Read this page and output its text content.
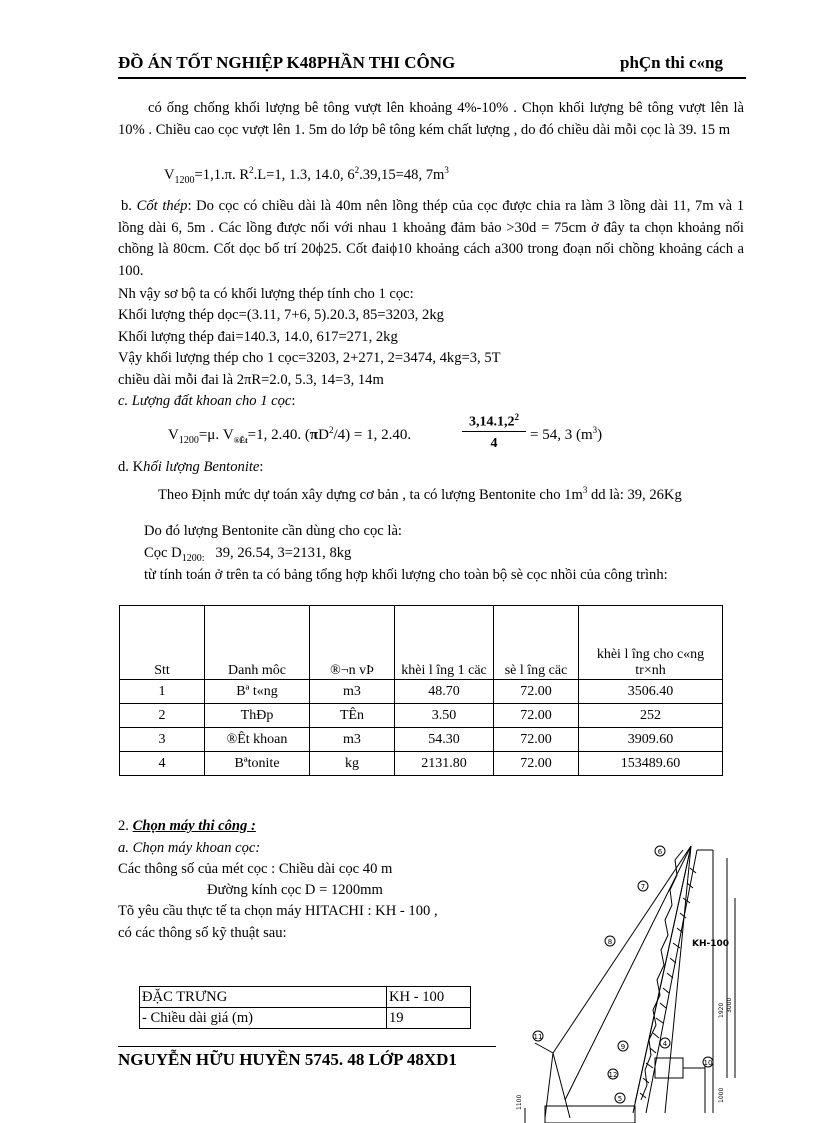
ĐỒ ÁN TỐT NGHIỆP K48PHẦN THI CÔNG	phÇn thi c«ng
có ống chống khối lượng bê tông vượt lên khoảng 4%-10% . Chọn khối lượng bê tông vượt lên là 10% . Chiều cao cọc vượt lên 1. 5m do lớp bê tông kém chất lượng , do đó chiều dài mỗi cọc là 39. 15 m
$V_{1200}=1,1.\pi$. $R^2.L=1$, 1.3, 14.0, $6^2.39,15=48$, $7m^3$
b. Cốt thép: Do cọc có chiều dài là 40m nên lồng thép của cọc được chia ra làm 3 lồng dài 11, 7m và 1 lồng dài 6, 5m . Các lồng được nối với nhau 1 khoảng đảm bảo >30d = 75cm ở đây ta chọn khoảng nối chồng là 80cm. Cốt dọc bố trí 20ϕ25. Cốt đaiϕ10 khoảng cách a300 trong đoạn nối chồng khoảng cách a 100.
Nh vậy sơ bộ ta có khối lượng thép tính cho 1 cọc:
Khối lượng thép dọc=(3.11, 7+6, 5).20.3, 85=3203, 2kg
Khối lượng thép đai=140.3, 14.0, 617=271, 2kg
Vậy khối lượng thép cho 1 cọc=3203, 2+271, 2=3474, 4kg=3, 5T
chiều dài mỗi đai là 2πR=2.0, 5.3, 14=3, 14m
c. Lượng đất khoan cho 1 cọc:
$V_{1200}=\mu$. $V_{®Êt}=1$, 2.40. $(\pi D^2/4) = 1$, 2.40.
3,14.1,2$^2$
4
= 54, 3 $(m^3)$
d. Khối lượng Bentonite:
Theo Định mức dự toán xây dựng cơ bản , ta có lượng Bentonite cho $1m^3$ dd là: 39, 26Kg
Do đó lượng Bentonite cần dùng cho cọc là:
Cọc $D_{1200:}$   39, 26.54, 3=2131, 8kg
từ tính toán ở trên ta có bảng tổng hợp khối lượng cho toàn bộ sè cọc nhồi của công trình:
Stt	Danh môc	®¬n vÞ	khèi l îng 1 cäc	sè l îng cäc	khèi l îng cho c«ng tr×nh
1	Bª t«ng	m3	48.70	72.00	3506.40
2	ThÐp	TÊn	3.50	72.00	252
3	®Êt khoan	m3	54.30	72.00	3909.60
4	Bªtonite	kg	2131.80	72.00	153489.60
2. Chọn máy thi công :
a. Chọn máy khoan cọc:
Các thông số của mét cọc : Chiều dài cọc 40 m
Đường kính cọc D = 1200mm
Tõ yêu cầu thực tế ta chọn máy HITACHI : KH - 100 ,
có các thông số kỹ thuật sau:
ĐẶC TRƯNG	KH - 100
- Chiều dài giá (m)	19
NGUYỄN HỮU HUYỀN 5745. 48 LỚP 48XD1
6
7
8
11
9
10
12
5
4
KH-100
1920 3000
1000
1100
